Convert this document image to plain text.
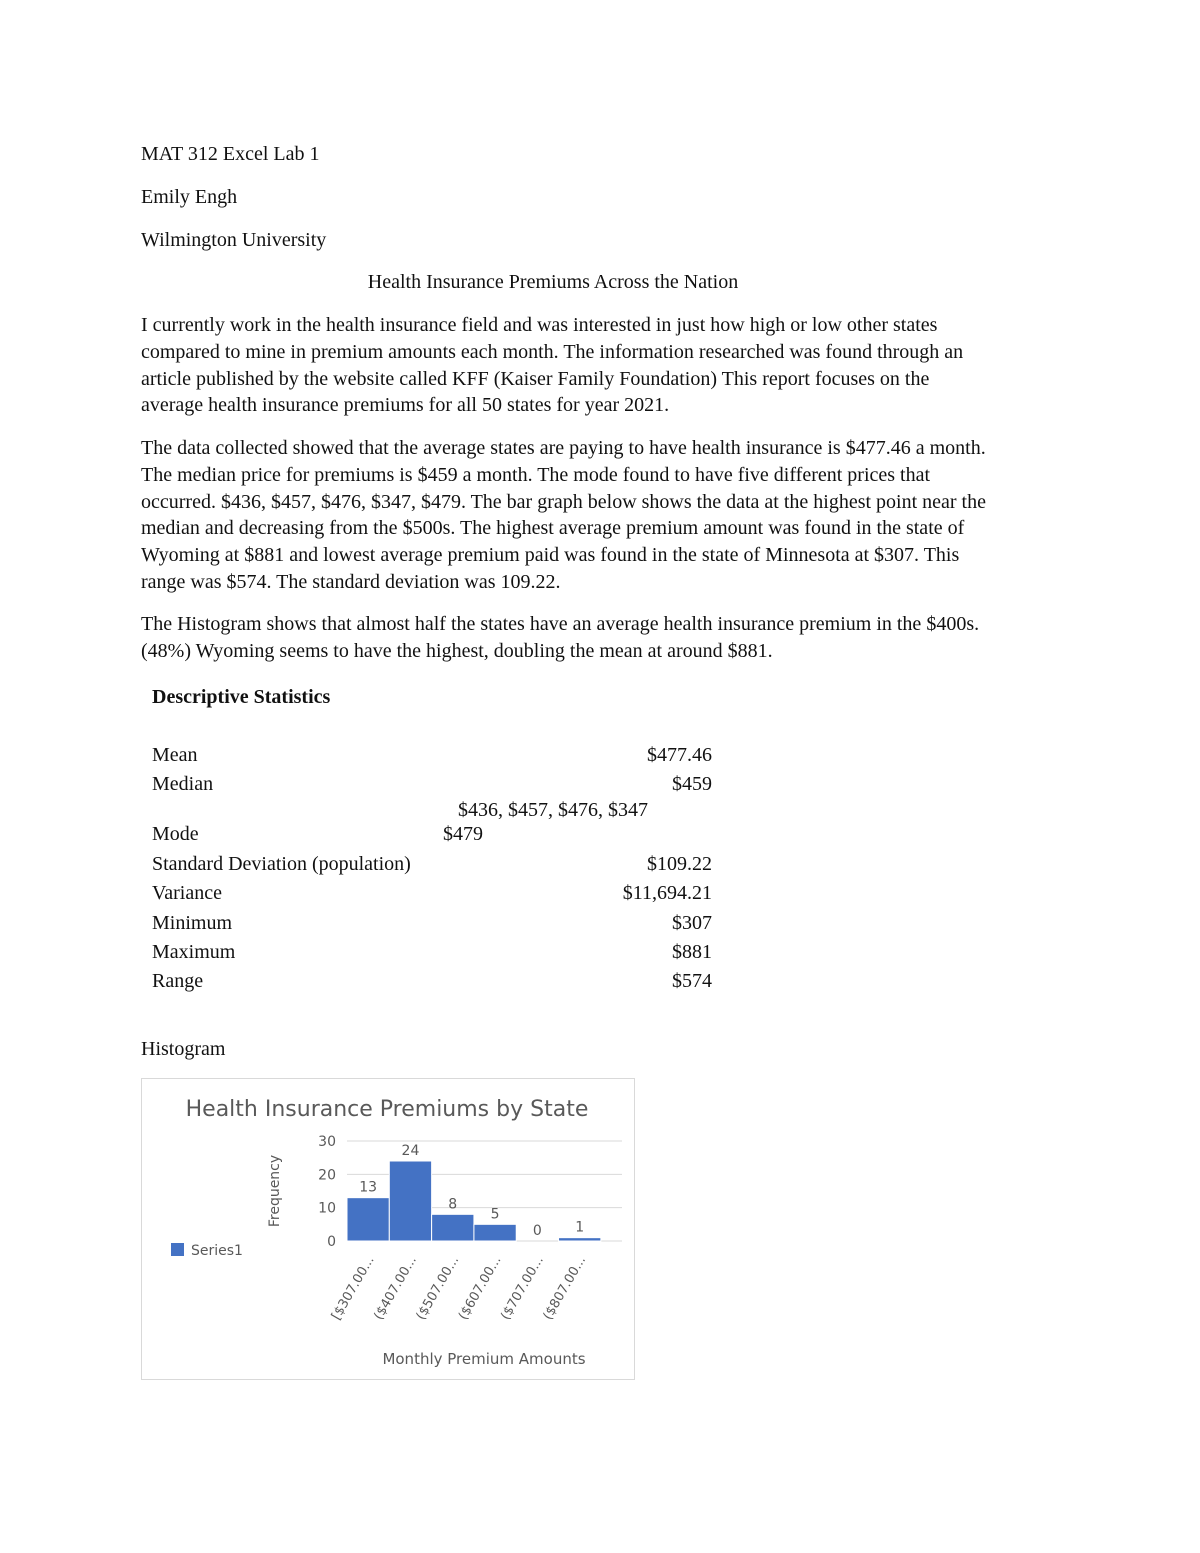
MAT 312 Excel Lab 1
Emily Engh
Wilmington University
Health Insurance Premiums Across the Nation
I currently work in the health insurance field and was interested in just how high or low other states
compared to mine in premium amounts each month. The information researched was found through an
article published by the website called KFF (Kaiser Family Foundation) This report focuses on the
average health insurance premiums for all 50 states for year 2021.
The data collected showed that the average states are paying to have health insurance is $477.46 a month.
The median price for premiums is $459 a month. The mode found to have five different prices that
occurred. $436, $457, $476, $347, $479. The bar graph below shows the data at the highest point near the
median and decreasing from the $500s. The highest average premium amount was found in the state of
Wyoming at $881 and lowest average premium paid was found in the state of Minnesota at $307. This
range was $574. The standard deviation was 109.22.
The Histogram shows that almost half the states have an average health insurance premium in the $400s.
(48%) Wyoming seems to have the highest, doubling the mean at around $881.
Descriptive Statistics
Mean	$477.46
Median	$459
$436, $457, $476, $347
Mode	$479
Standard Deviation (population)	$109.22
Variance	$11,694.21
Minimum	$307
Maximum	$881
Range	$574
Histogram
Health Insurance Premiums by State
Frequency
Monthly Premium Amounts
Series1
0
10
20
30
13
24
8
5
0 1
[$307.00...
($407.00...
($507.00...
($607.00...
($707.00...
($807.00...
